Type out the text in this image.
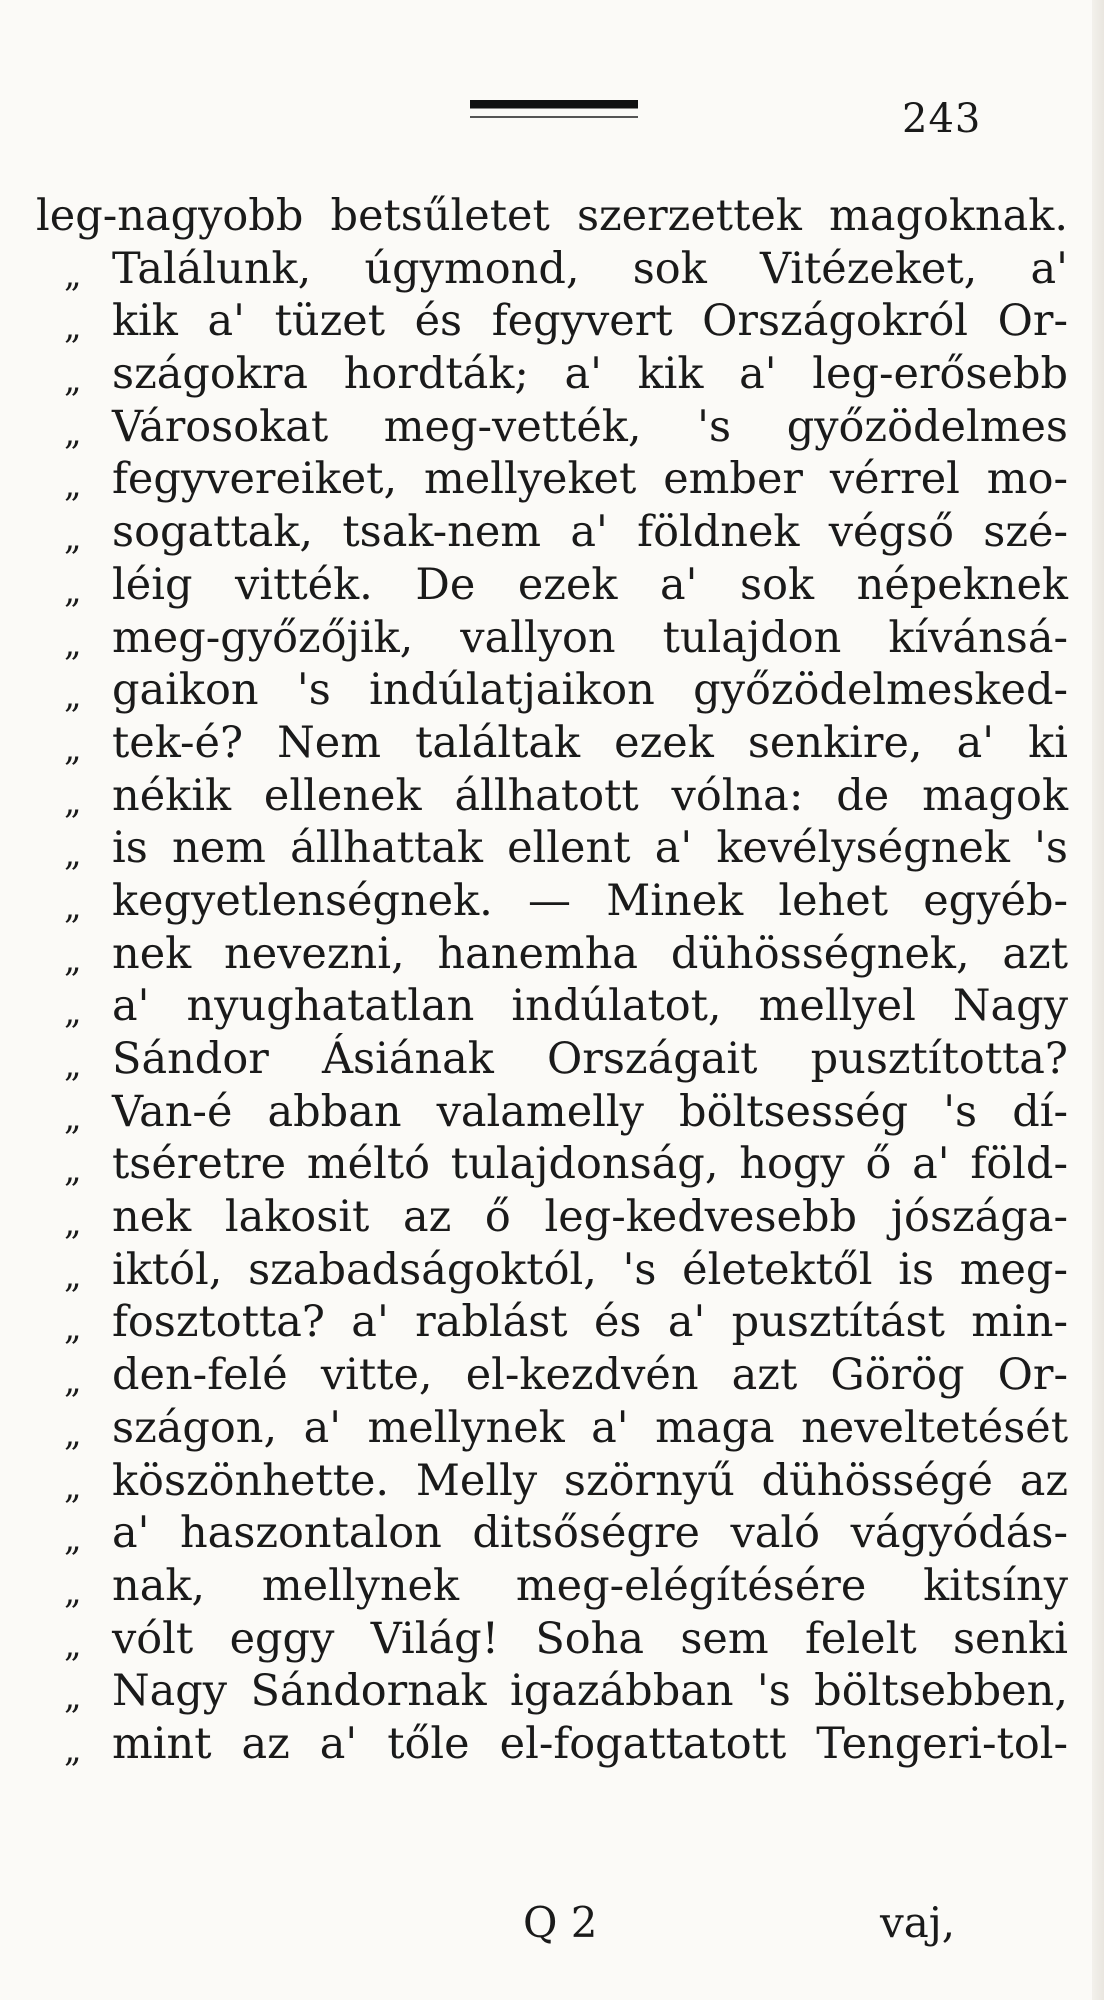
243
leg-nagyobb betsűletet szerzettek magoknak.
„ Találunk, úgymond, sok Vitézeket, a'
„ kik a' tüzet és fegyvert Országokról Or-
„ szágokra hordták; a' kik a' leg-erősebb
„ Városokat meg-vették, 's győzödelmes
„ fegyvereiket, mellyeket ember vérrel mo-
„ sogattak, tsak-nem a' földnek végső szé-
„ léig vitték. De ezek a' sok népeknek
„ meg-győzőjik, vallyon tulajdon kívánsá-
„ gaikon 's indúlatjaikon győzödelmesked-
„ tek-é? Nem találtak ezek senkire, a' ki
„ nékik ellenek állhatott vólna: de magok
„ is nem állhattak ellent a' kevélységnek 's
„ kegyetlenségnek. — Minek lehet egyéb-
„ nek nevezni, hanemha dühösségnek, azt
„ a' nyughatatlan indúlatot, mellyel Nagy
„ Sándor Ásiának Országait pusztította?
„ Van-é abban valamelly böltsesség 's dí-
„ tséretre méltó tulajdonság, hogy ő a' föld-
„ nek lakosit az ő leg-kedvesebb jószága-
„ iktól, szabadságoktól, 's életektől is meg-
„ fosztotta? a' rablást és a' pusztítást min-
„ den-felé vitte, el-kezdvén azt Görög Or-
„ szágon, a' mellynek a' maga neveltetését
„ köszönhette. Melly szörnyű dühösségé az
„ a' haszontalon ditsőségre való vágyódás-
„ nak, mellynek meg-elégítésére kitsíny
„ vólt eggy Világ! Soha sem felelt senki
„ Nagy Sándornak igazábban 's böltsebben,
„ mint az a' tőle el-fogattatott Tengeri-tol-
Q 2	vaj,
